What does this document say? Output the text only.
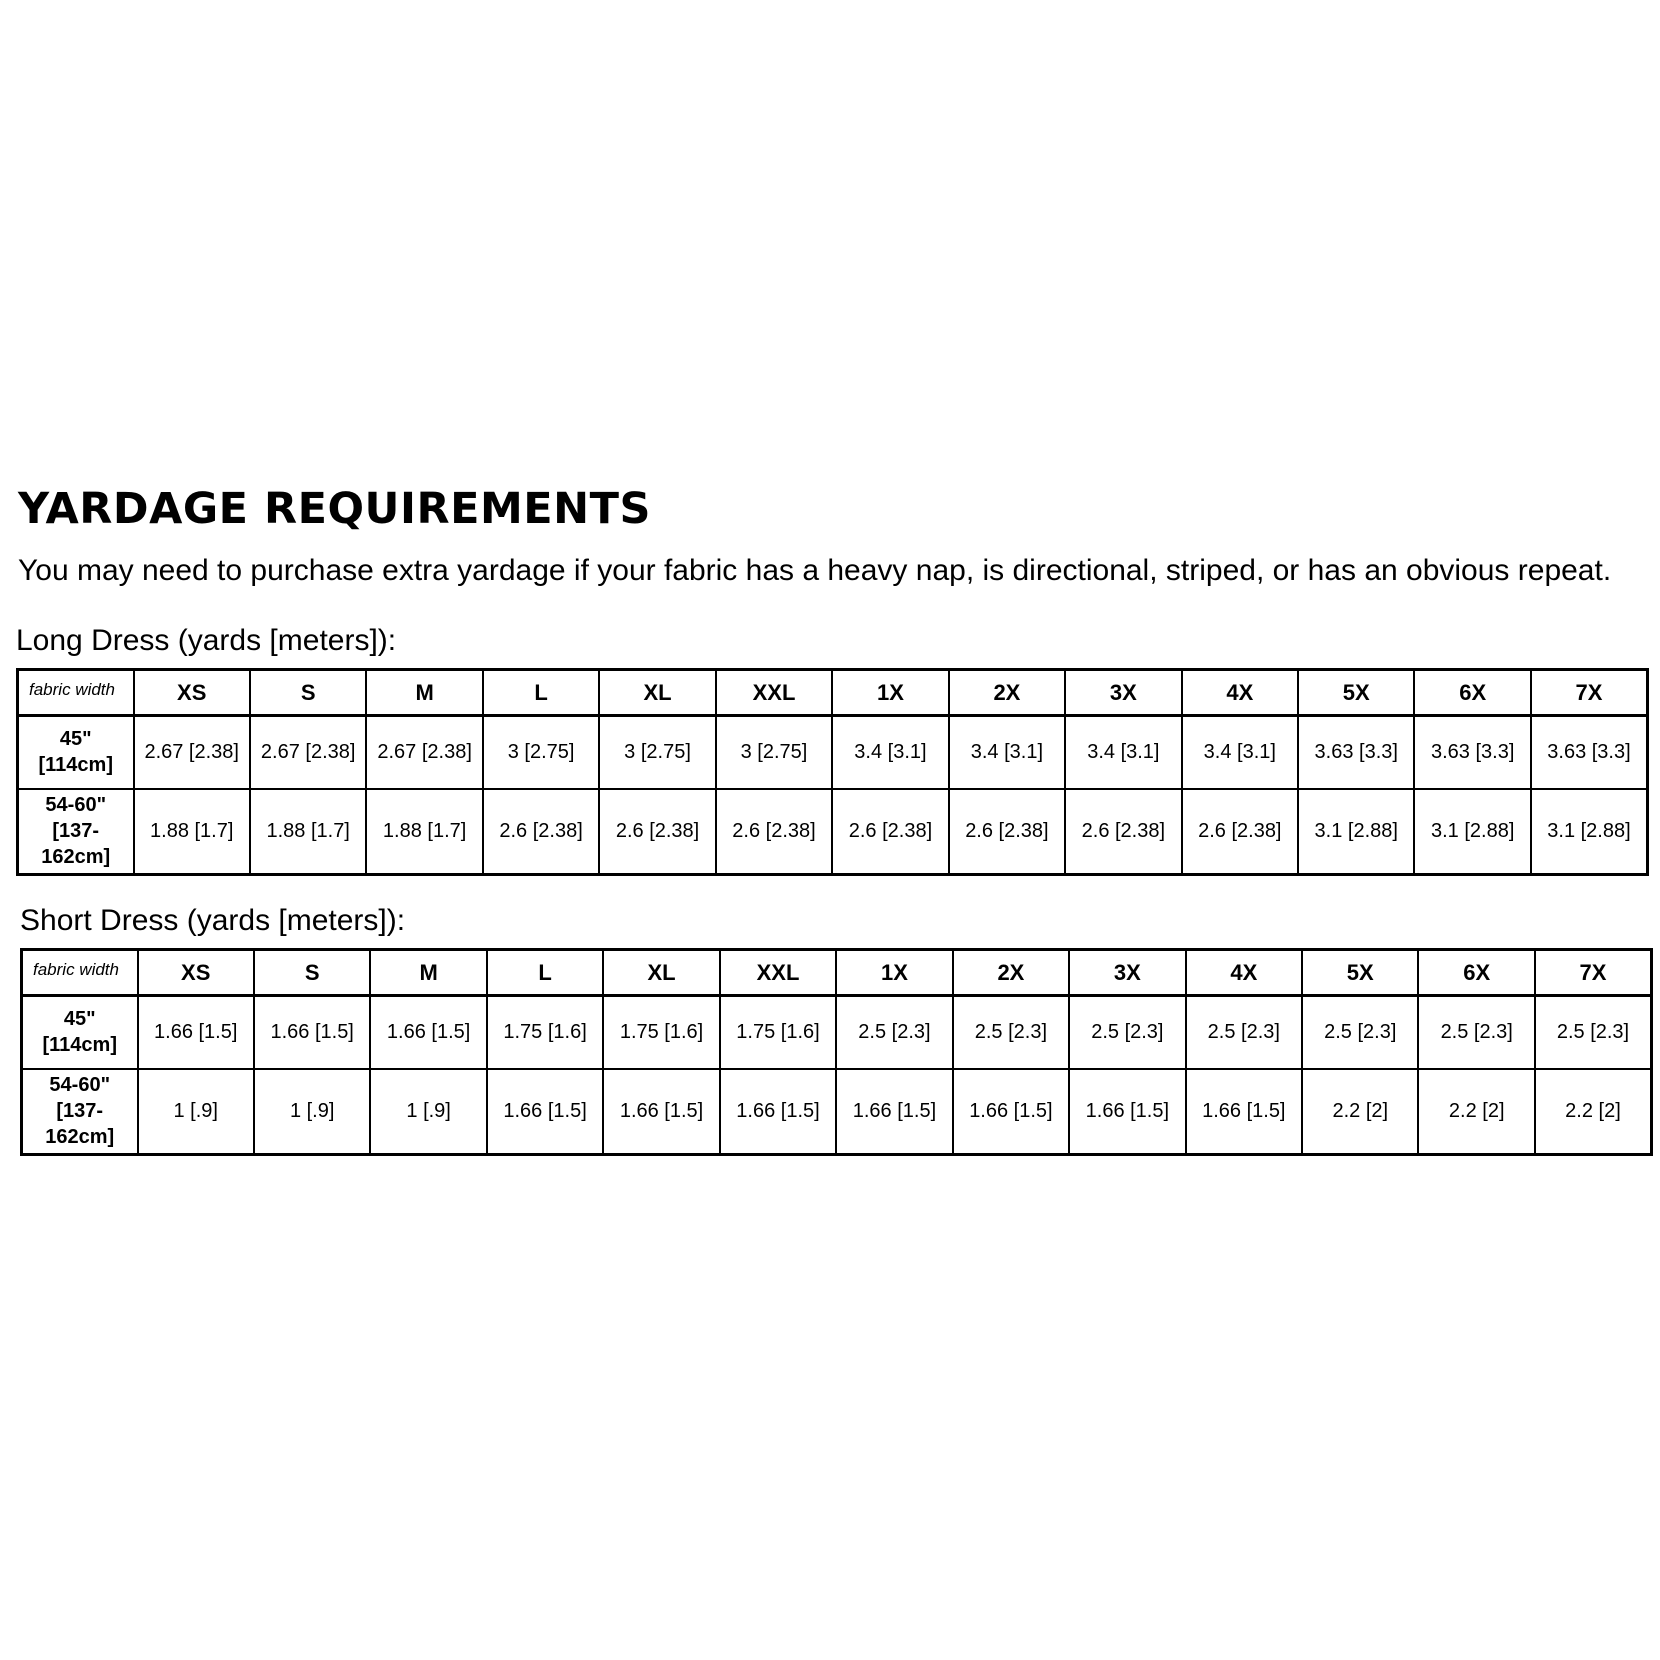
YARDAGE REQUIREMENTS

You may need to purchase extra yardage if your fabric has a heavy nap, is directional, striped, or has an obvious repeat.

Long Dress (yards [meters]):

fabric width	XS	S	M	L	XL	XXL	1X	2X	3X	4X	5X	6X	7X

45"
[114cm]	2.67 [2.38]	2.67 [2.38]	2.67 [2.38]	3 [2.75]	3 [2.75]	3 [2.75]	3.4 [3.1]	3.4 [3.1]	3.4 [3.1]	3.4 [3.1]	3.63 [3.3]	3.63 [3.3]	3.63 [3.3]

54-60"
[137-
162cm]	1.88 [1.7]	1.88 [1.7]	1.88 [1.7]	2.6 [2.38]	2.6 [2.38]	2.6 [2.38]	2.6 [2.38]	2.6 [2.38]	2.6 [2.38]	2.6 [2.38]	3.1 [2.88]	3.1 [2.88]	3.1 [2.88]

Short Dress (yards [meters]):

fabric width	XS	S	M	L	XL	XXL	1X	2X	3X	4X	5X	6X	7X

45"
[114cm]	1.66 [1.5]	1.66 [1.5]	1.66 [1.5]	1.75 [1.6]	1.75 [1.6]	1.75 [1.6]	2.5 [2.3]	2.5 [2.3]	2.5 [2.3]	2.5 [2.3]	2.5 [2.3]	2.5 [2.3]	2.5 [2.3]

54-60"
[137-
162cm]	1 [.9]	1 [.9]	1 [.9]	1.66 [1.5]	1.66 [1.5]	1.66 [1.5]	1.66 [1.5]	1.66 [1.5]	1.66 [1.5]	1.66 [1.5]	2.2 [2]	2.2 [2]	2.2 [2]
